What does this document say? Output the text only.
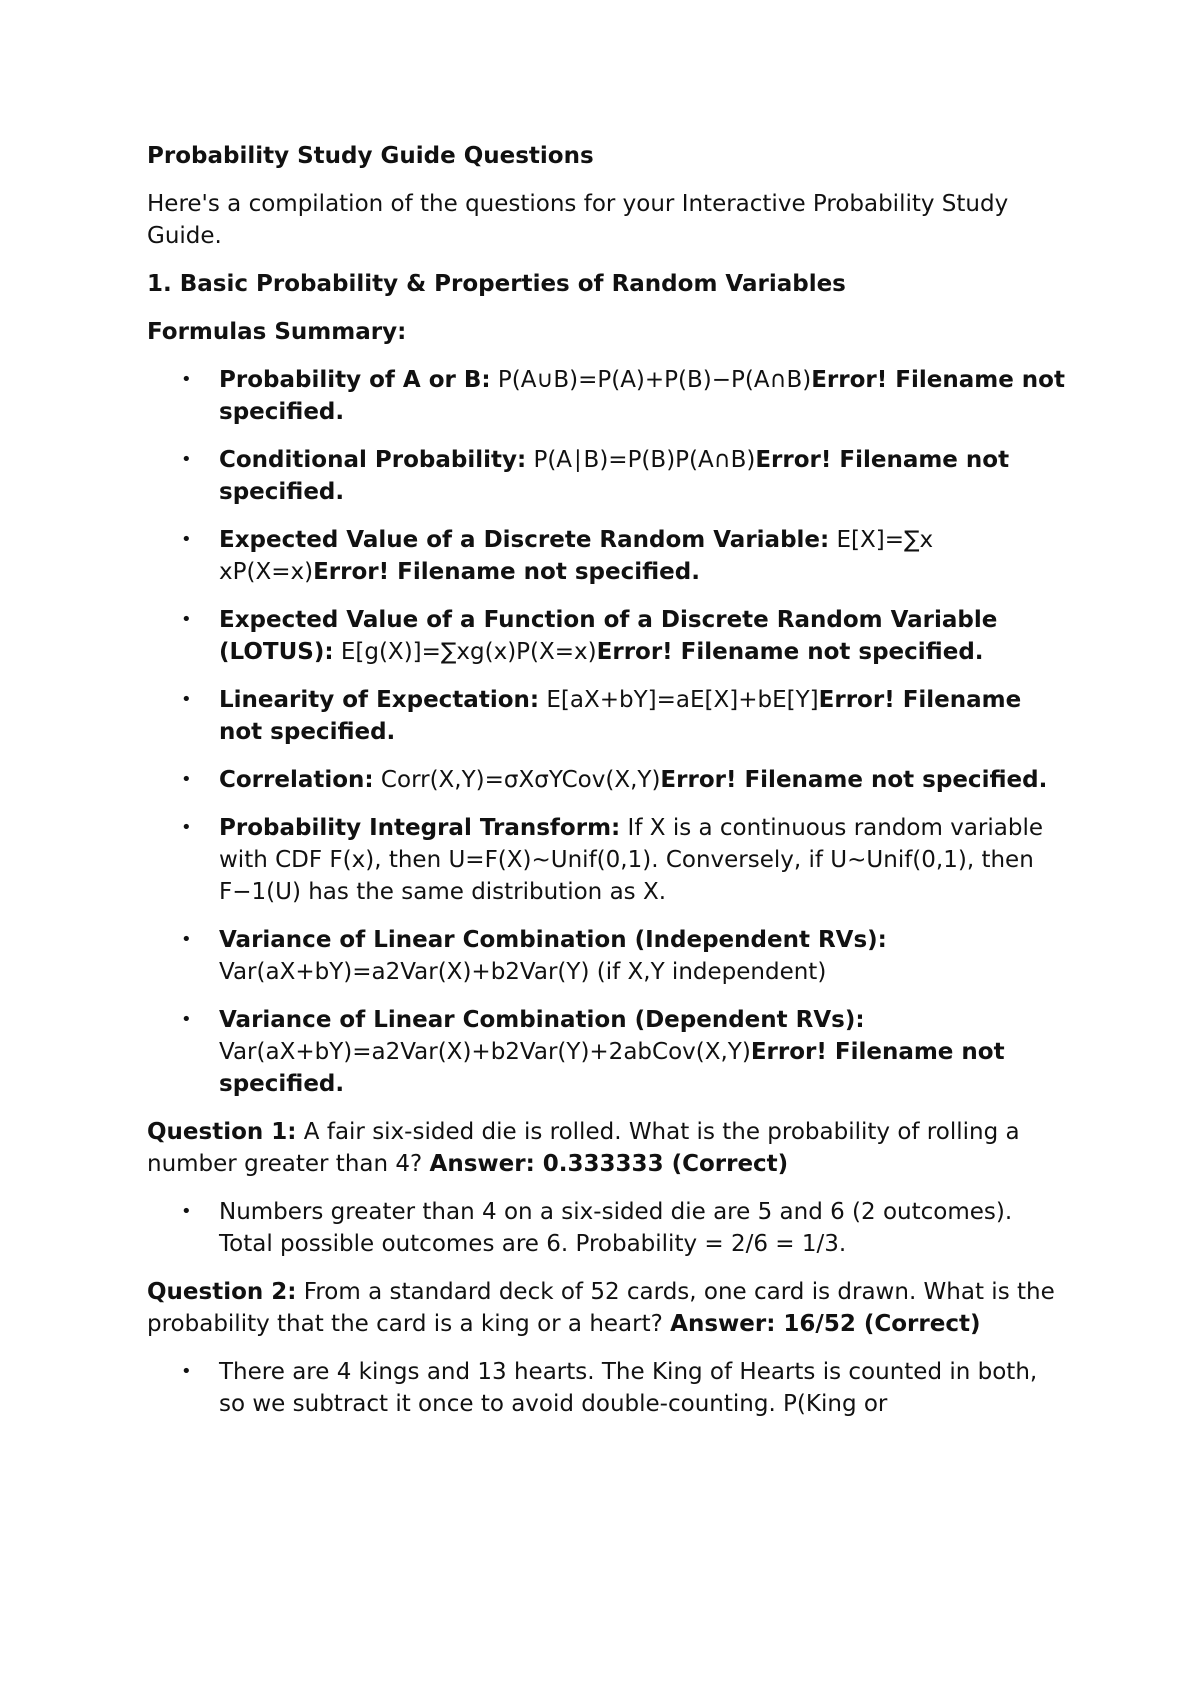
Probability Study Guide Questions
Here's a compilation of the questions for your Interactive Probability Study Guide.
1. Basic Probability & Properties of Random Variables
Formulas Summary:
• Probability of A or B: P(A∪B)=P(A)+P(B)−P(A∩B)Error! Filename not specified.
• Conditional Probability: P(A∣B)=P(B)P(A∩B)Error! Filename not specified.
• Expected Value of a Discrete Random Variable: E[X]=∑x xP(X=x)Error! Filename not specified.
• Expected Value of a Function of a Discrete Random Variable (LOTUS): E[g(X)]=∑xg(x)P(X=x)Error! Filename not specified.
• Linearity of Expectation: E[aX+bY]=aE[X]+bE[Y]Error! Filename not specified.
• Correlation: Corr(X,Y)=σXσYCov(X,Y)Error! Filename not specified.
• Probability Integral Transform: If X is a continuous random variable with CDF F(x), then U=F(X)∼Unif(0,1). Conversely, if U∼Unif(0,1), then F−1(U) has the same distribution as X.
• Variance of Linear Combination (Independent RVs): Var(aX+bY)=a2Var(X)+b2Var(Y) (if X,Y independent)
• Variance of Linear Combination (Dependent RVs): Var(aX+bY)=a2Var(X)+b2Var(Y)+2abCov(X,Y)Error! Filename not specified.
Question 1: A fair six-sided die is rolled. What is the probability of rolling a number greater than 4? Answer: 0.333333 (Correct)
• Numbers greater than 4 on a six-sided die are 5 and 6 (2 outcomes). Total possible outcomes are 6. Probability = 2/6 = 1/3.
Question 2: From a standard deck of 52 cards, one card is drawn. What is the probability that the card is a king or a heart? Answer: 16/52 (Correct)
• There are 4 kings and 13 hearts. The King of Hearts is counted in both, so we subtract it once to avoid double-counting. P(King or
